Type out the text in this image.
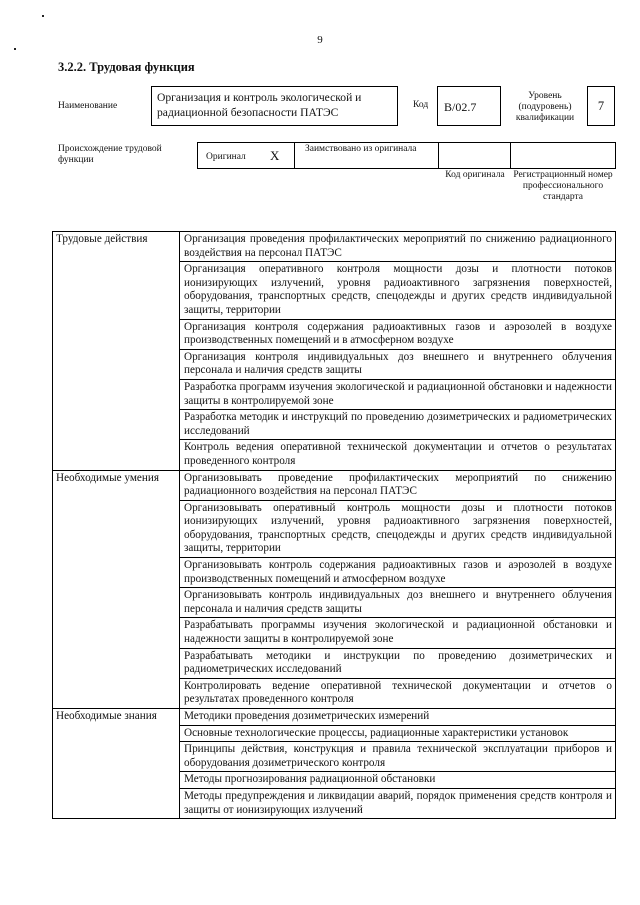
9
3.2.2. Трудовая функция
Наименование
Организация и контроль экологической и радиационной безопасности ПАТЭС
Код	B/02.7
Уровень (подуровень) квалификации
7
Происхождение трудовой функции	Оригинал X	Заимствовано из оригинала
Код оригинала Регистрационный номер профессионального стандарта
Трудовые действия	Организация проведения профилактических мероприятий по снижению радиационного воздействия на персонал ПАТЭС
	Организация оперативного контроля мощности дозы и плотности потоков ионизирующих излучений, уровня радиоактивного загрязнения поверхностей, оборудования, транспортных средств, спецодежды и других средств индивидуальной защиты, территории
	Организация контроля содержания радиоактивных газов и аэрозолей в воздухе производственных помещений и в атмосферном воздухе
	Организация контроля индивидуальных доз внешнего и внутреннего облучения персонала и наличия средств защиты
	Разработка программ изучения экологической и радиационной обстановки и надежности защиты в контролируемой зоне
	Разработка методик и инструкций по проведению дозиметрических и радиометрических исследований
	Контроль ведения оперативной технической документации и отчетов о результатах проведенного контроля
Необходимые умения	Организовывать проведение профилактических мероприятий по снижению радиационного воздействия на персонал ПАТЭС
	Организовывать оперативный контроль мощности дозы и плотности потоков ионизирующих излучений, уровня радиоактивного загрязнения поверхностей, оборудования, транспортных средств, спецодежды и других средств индивидуальной защиты, территории
	Организовывать контроль содержания радиоактивных газов и аэрозолей в воздухе производственных помещений и атмосферном воздухе
	Организовывать контроль индивидуальных доз внешнего и внутреннего облучения персонала и наличия средств защиты
	Разрабатывать программы изучения экологической и радиационной обстановки и надежности защиты в контролируемой зоне
	Разрабатывать методики и инструкции по проведению дозиметрических и радиометрических исследований
	Контролировать ведение оперативной технической документации и отчетов о результатах проведенного контроля
Необходимые знания	Методики проведения дозиметрических измерений
	Основные технологические процессы, радиационные характеристики установок
	Принципы действия, конструкция и правила технической эксплуатации приборов и оборудования дозиметрического контроля
	Методы прогнозирования радиационной обстановки
	Методы предупреждения и ликвидации аварий, порядок применения средств контроля и защиты от ионизирующих излучений
